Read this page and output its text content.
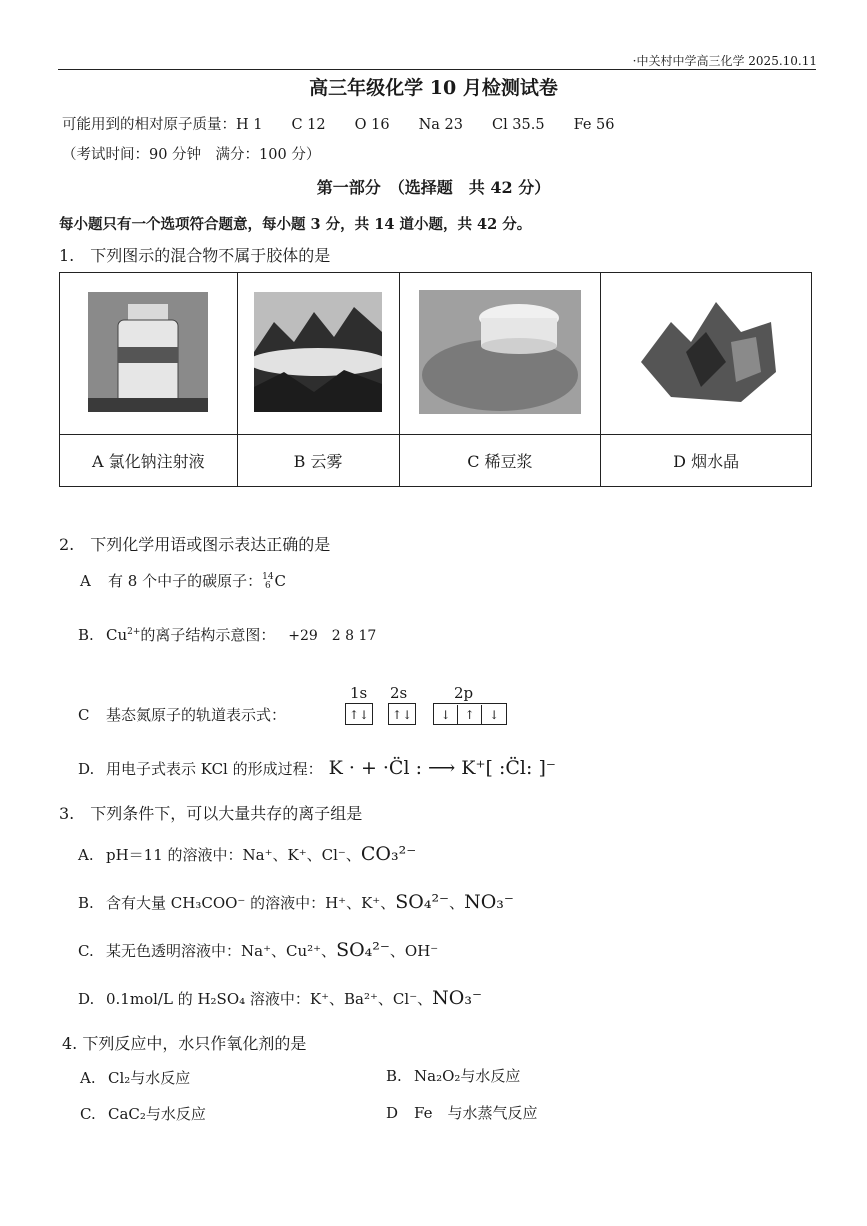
·中关村中学高三化学 2025.10.11
高三年级化学 10 月检测试卷
可能用到的相对原子质量：H 1　　C 12　　O 16　　Na 23　　Cl 35.5　　Fe 56
（考试时间：90 分钟　满分：100 分）
第一部分　（选择题　共 42 分）
每小题只有一个选项符合题意，每小题 3 分，共 14 道小题，共 42 分。
1.　下列图示的混合物不属于胶体的是

A 氯化钠注射液	B 云雾	C 稀豆浆	D 烟水晶
2.　下列化学用语或图示表达正确的是
A 有 8 个中子的碳原子： 14
6 C
B. $Cu^{2+}$的离子结构示意图： +29　2 8 17
1s 2s	2p
C 基态氮原子的轨道表示式：	↑↓ ↑↓ ↓ ↑ ↓
D. 用电子式表示 KCl 的形成过程： K · + ·C̈l : ⟶ K⁺[ :C̈l: ]⁻
3.　下列条件下，可以大量共存的离子组是
A. pH＝11 的溶液中：Na⁺、K⁺、Cl⁻、CO₃²⁻
B. 含有大量 CH₃COO⁻ 的溶液中：H⁺、K⁺、SO₄²⁻、NO₃⁻
C. 某无色透明溶液中：Na⁺、Cu²⁺、SO₄²⁻、OH⁻
D. 0.1mol/L 的 H₂SO₄ 溶液中：K⁺、Ba²⁺、Cl⁻、NO₃⁻
4. 下列反应中，水只作氧化剂的是
A. Cl₂与水反应	B. Na₂O₂与水反应
C. CaC₂与水反应	D Fe　与水蒸气反应
